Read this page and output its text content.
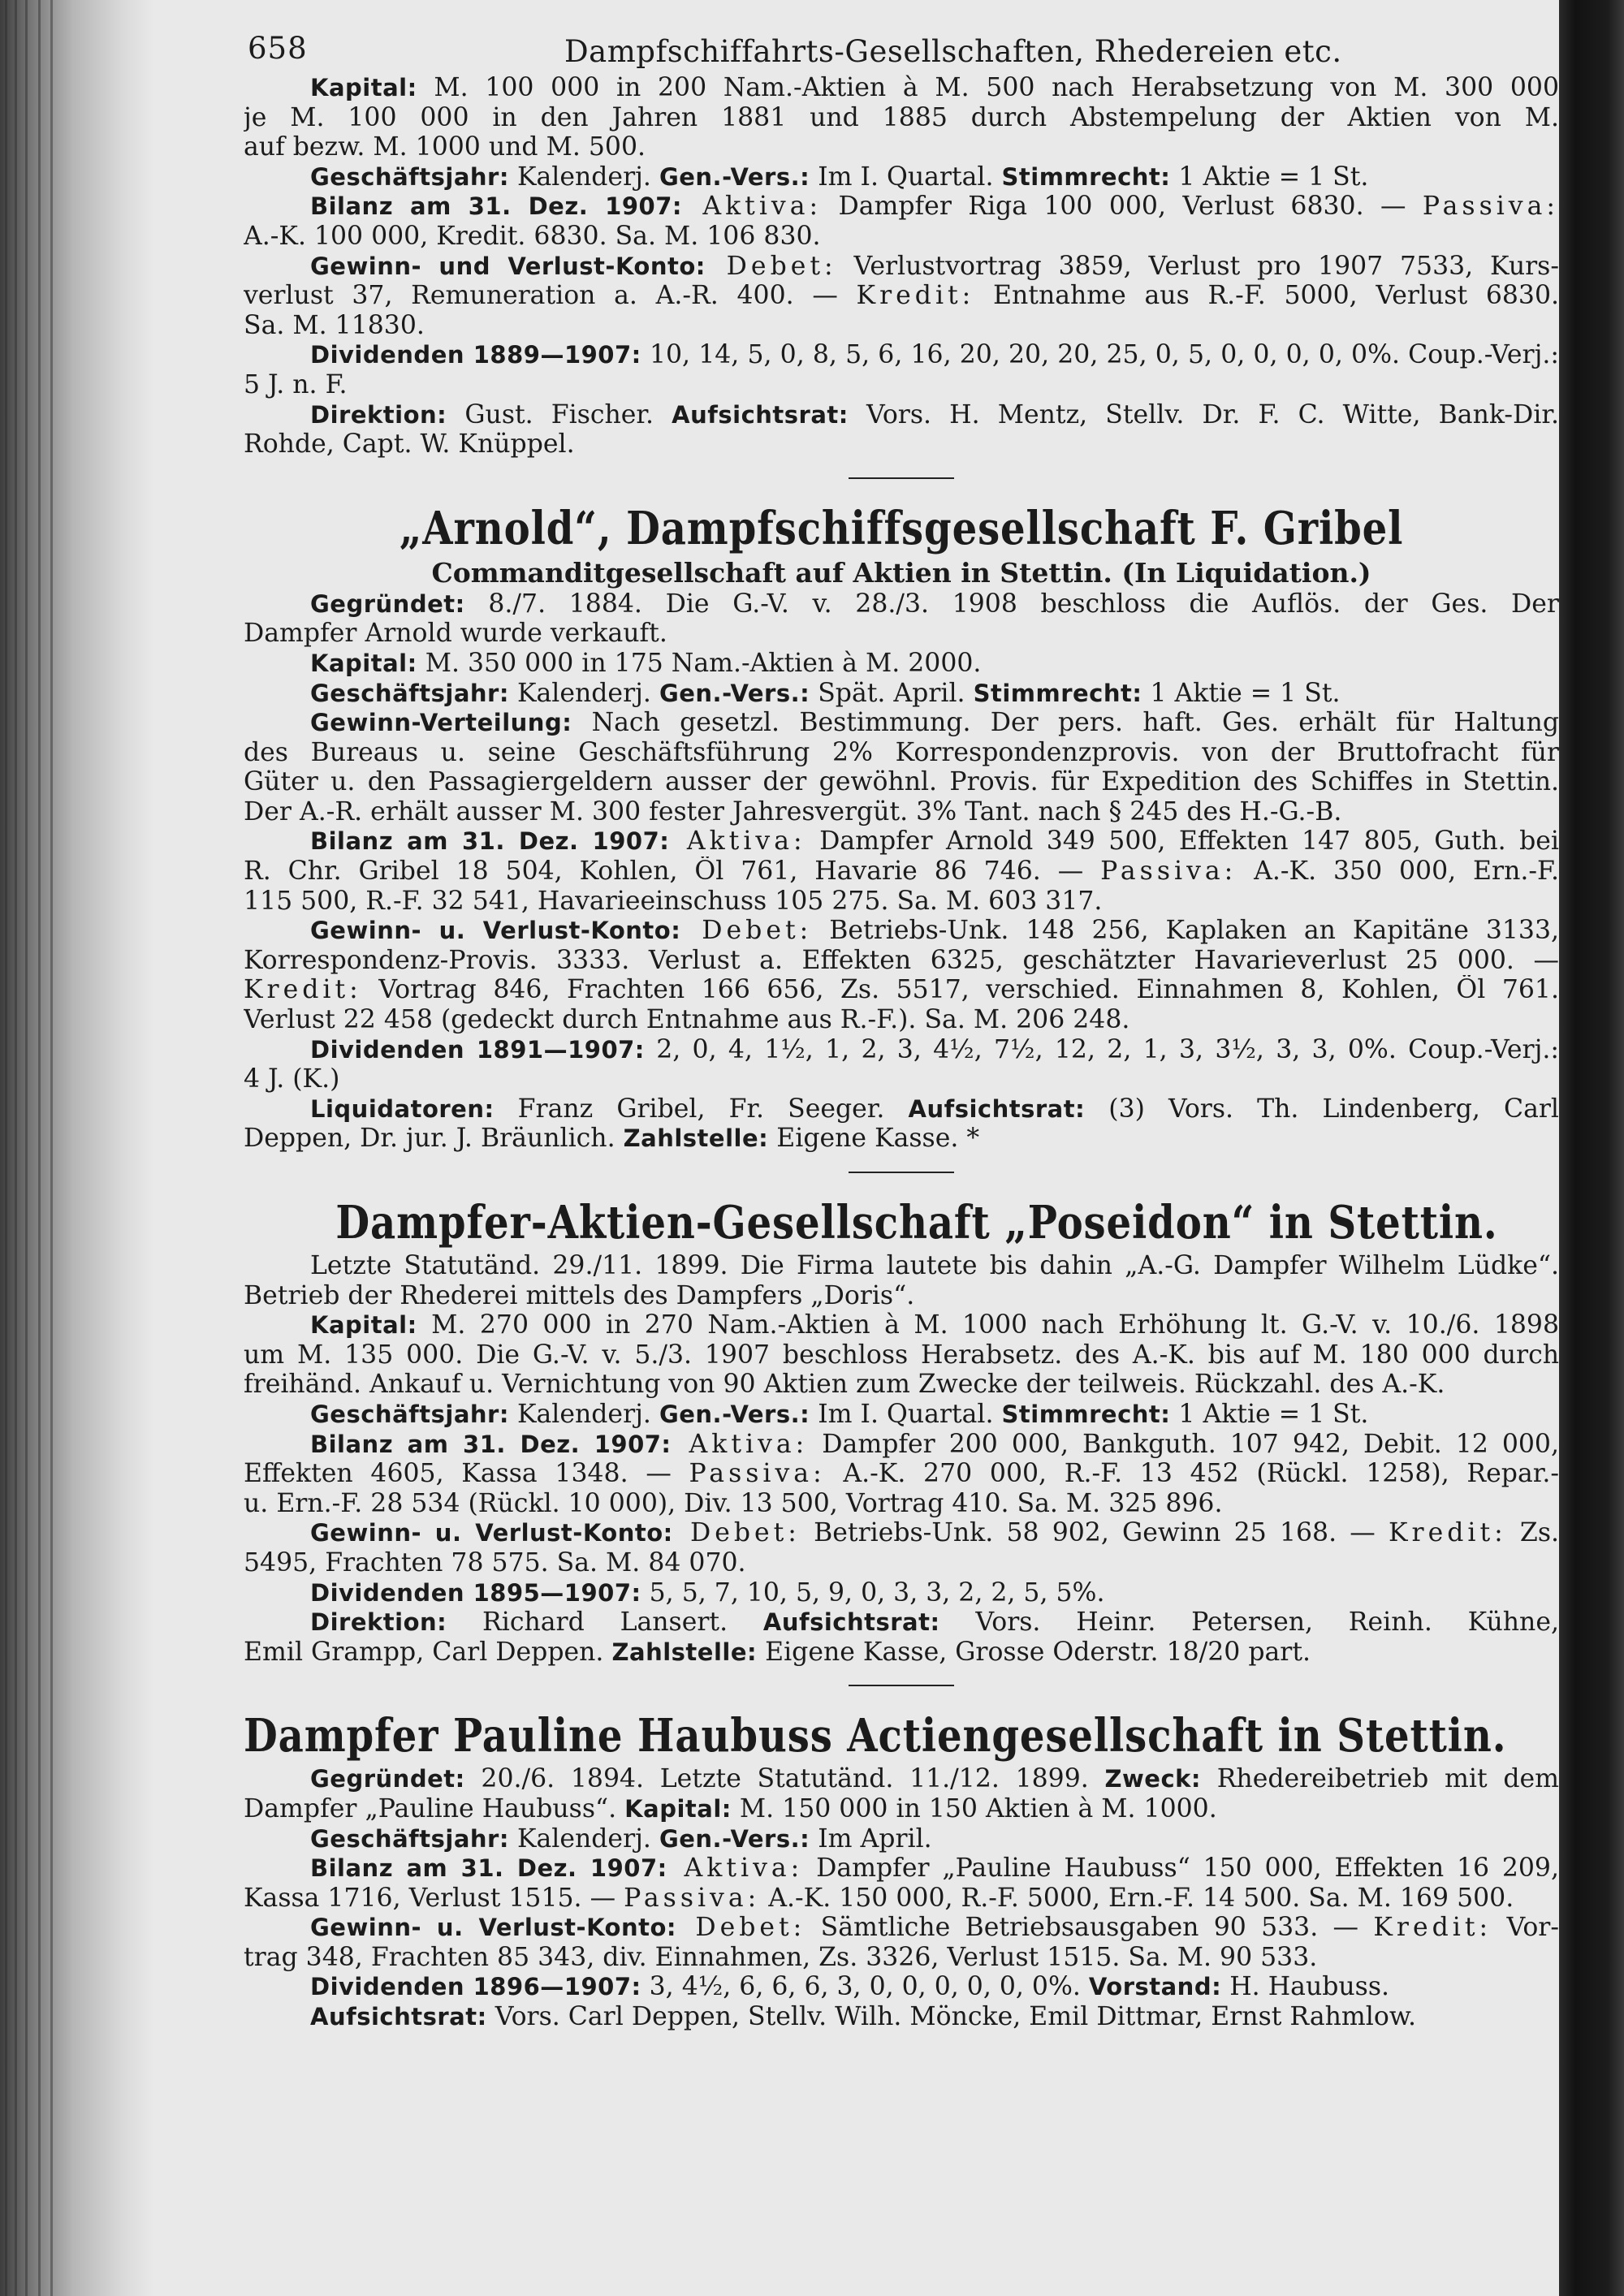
658	Dampfschiffahrts-Gesellschaften, Rhedereien etc.
Kapital: M. 100 000 in 200 Nam.-Aktien à M. 500 nach Herabsetzung von M. 300 000
je M. 100 000 in den Jahren 1881 und 1885 durch Abstempelung der Aktien von M.
auf bezw. M. 1000 und M. 500.
Geschäftsjahr: Kalenderj. Gen.-Vers.: Im I. Quartal. Stimmrecht: 1 Aktie = 1 St.
Bilanz am 31. Dez. 1907: Aktiva: Dampfer Riga 100 000, Verlust 6830. — Passiva:
A.-K. 100 000, Kredit. 6830. Sa. M. 106 830.
Gewinn- und Verlust-Konto: Debet: Verlustvortrag 3859, Verlust pro 1907 7533, Kurs-
verlust 37, Remuneration a. A.-R. 400. — Kredit: Entnahme aus R.-F. 5000, Verlust 6830.
Sa. M. 11830.
Dividenden 1889—1907: 10, 14, 5, 0, 8, 5, 6, 16, 20, 20, 20, 25, 0, 5, 0, 0, 0, 0, 0%. Coup.-Verj.:
5 J. n. F.
Direktion: Gust. Fischer. Aufsichtsrat: Vors. H. Mentz, Stellv. Dr. F. C. Witte, Bank-Dir.
Rohde, Capt. W. Knüppel.
„Arnold“, Dampfschiffsgesellschaft F. Gribel
Commanditgesellschaft auf Aktien in Stettin. (In Liquidation.)
Gegründet: 8./7. 1884. Die G.-V. v. 28./3. 1908 beschloss die Auflös. der Ges. Der
Dampfer Arnold wurde verkauft.
Kapital: M. 350 000 in 175 Nam.-Aktien à M. 2000.
Geschäftsjahr: Kalenderj. Gen.-Vers.: Spät. April. Stimmrecht: 1 Aktie = 1 St.
Gewinn-Verteilung: Nach gesetzl. Bestimmung. Der pers. haft. Ges. erhält für Haltung
des Bureaus u. seine Geschäftsführung 2% Korrespondenzprovis. von der Bruttofracht für
Güter u. den Passagiergeldern ausser der gewöhnl. Provis. für Expedition des Schiffes in Stettin.
Der A.-R. erhält ausser M. 300 fester Jahresvergüt. 3% Tant. nach § 245 des H.-G.-B.
Bilanz am 31. Dez. 1907: Aktiva: Dampfer Arnold 349 500, Effekten 147 805, Guth. bei
R. Chr. Gribel 18 504, Kohlen, Öl 761, Havarie 86 746. — Passiva: A.-K. 350 000, Ern.-F.
115 500, R.-F. 32 541, Havarieeinschuss 105 275. Sa. M. 603 317.
Gewinn- u. Verlust-Konto: Debet: Betriebs-Unk. 148 256, Kaplaken an Kapitäne 3133,
Korrespondenz-Provis. 3333. Verlust a. Effekten 6325, geschätzter Havarieverlust 25 000. —
Kredit: Vortrag 846, Frachten 166 656, Zs. 5517, verschied. Einnahmen 8, Kohlen, Öl 761.
Verlust 22 458 (gedeckt durch Entnahme aus R.-F.). Sa. M. 206 248.
Dividenden 1891—1907: 2, 0, 4, 1½, 1, 2, 3, 4½, 7½, 12, 2, 1, 3, 3½, 3, 3, 0%. Coup.-Verj.:
4 J. (K.)
Liquidatoren: Franz Gribel, Fr. Seeger. Aufsichtsrat: (3) Vors. Th. Lindenberg, Carl
Deppen, Dr. jur. J. Bräunlich. Zahlstelle: Eigene Kasse. *
Dampfer-Aktien-Gesellschaft „Poseidon“ in Stettin.
Letzte Statutänd. 29./11. 1899. Die Firma lautete bis dahin „A.-G. Dampfer Wilhelm Lüdke“.
Betrieb der Rhederei mittels des Dampfers „Doris“.
Kapital: M. 270 000 in 270 Nam.-Aktien à M. 1000 nach Erhöhung lt. G.-V. v. 10./6. 1898
um M. 135 000. Die G.-V. v. 5./3. 1907 beschloss Herabsetz. des A.-K. bis auf M. 180 000 durch
freihänd. Ankauf u. Vernichtung von 90 Aktien zum Zwecke der teilweis. Rückzahl. des A.-K.
Geschäftsjahr: Kalenderj. Gen.-Vers.: Im I. Quartal. Stimmrecht: 1 Aktie = 1 St.
Bilanz am 31. Dez. 1907: Aktiva: Dampfer 200 000, Bankguth. 107 942, Debit. 12 000,
Effekten 4605, Kassa 1348. — Passiva: A.-K. 270 000, R.-F. 13 452 (Rückl. 1258), Repar.-
u. Ern.-F. 28 534 (Rückl. 10 000), Div. 13 500, Vortrag 410. Sa. M. 325 896.
Gewinn- u. Verlust-Konto: Debet: Betriebs-Unk. 58 902, Gewinn 25 168. — Kredit: Zs.
5495, Frachten 78 575. Sa. M. 84 070.
Dividenden 1895—1907: 5, 5, 7, 10, 5, 9, 0, 3, 3, 2, 2, 5, 5%.
Direktion: Richard Lansert. Aufsichtsrat: Vors. Heinr. Petersen, Reinh. Kühne,
Emil Grampp, Carl Deppen. Zahlstelle: Eigene Kasse, Grosse Oderstr. 18/20 part.
Dampfer Pauline Haubuss Actiengesellschaft in Stettin.
Gegründet: 20./6. 1894. Letzte Statutänd. 11./12. 1899. Zweck: Rhedereibetrieb mit dem
Dampfer „Pauline Haubuss“. Kapital: M. 150 000 in 150 Aktien à M. 1000.
Geschäftsjahr: Kalenderj. Gen.-Vers.: Im April.
Bilanz am 31. Dez. 1907: Aktiva: Dampfer „Pauline Haubuss“ 150 000, Effekten 16 209,
Kassa 1716, Verlust 1515. — Passiva: A.-K. 150 000, R.-F. 5000, Ern.-F. 14 500. Sa. M. 169 500.
Gewinn- u. Verlust-Konto: Debet: Sämtliche Betriebsausgaben 90 533. — Kredit: Vor-
trag 348, Frachten 85 343, div. Einnahmen, Zs. 3326, Verlust 1515. Sa. M. 90 533.
Dividenden 1896—1907: 3, 4½, 6, 6, 6, 3, 0, 0, 0, 0, 0, 0%. Vorstand: H. Haubuss.
Aufsichtsrat: Vors. Carl Deppen, Stellv. Wilh. Möncke, Emil Dittmar, Ernst Rahmlow.
